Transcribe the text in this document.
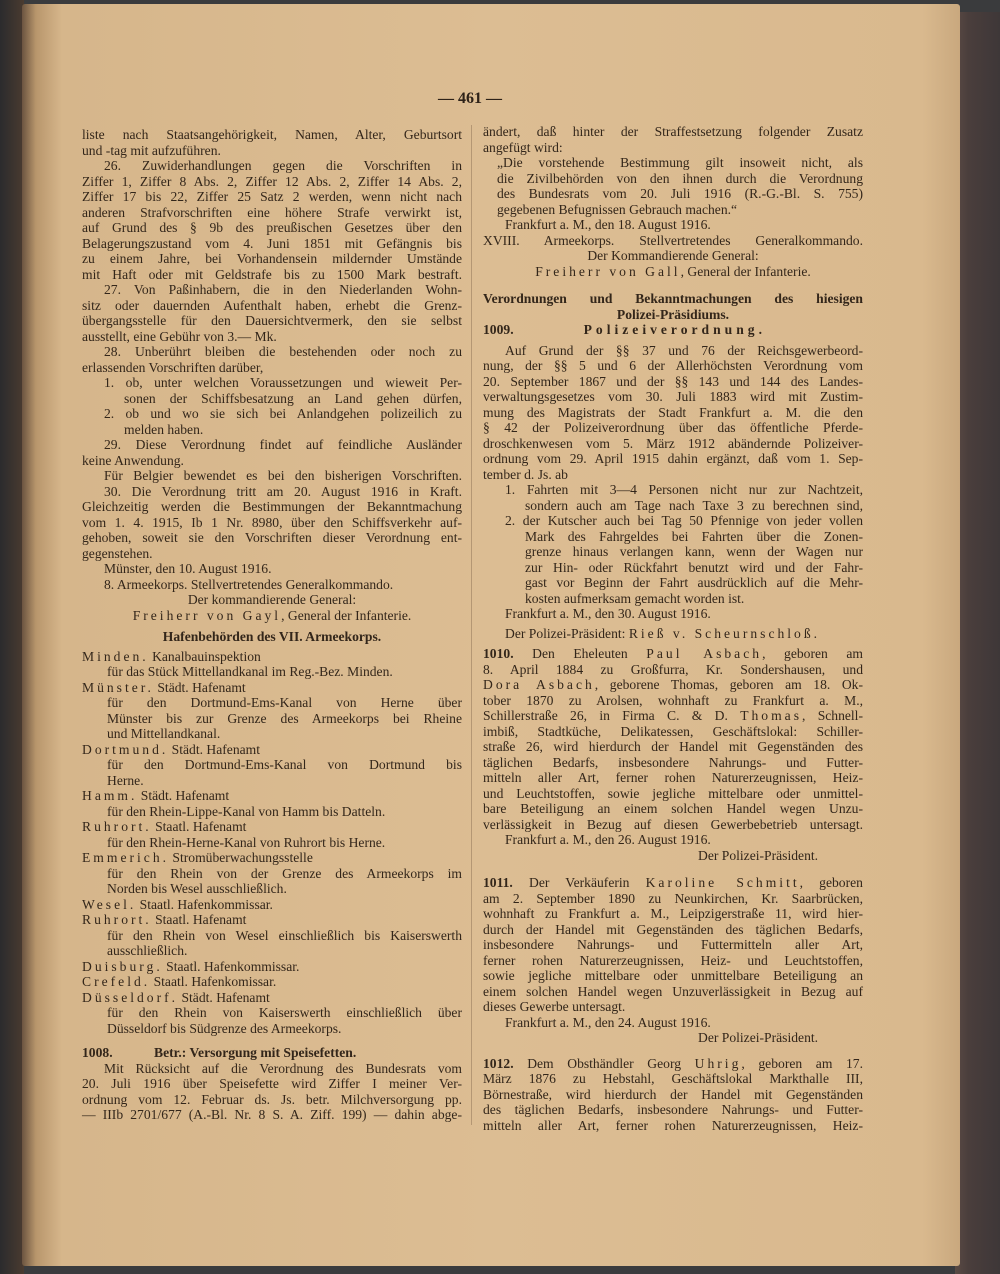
— 461 —
liste nach Staatsangehörigkeit, Namen, Alter, Geburtsort
und -tag mit aufzuführen.
26. Zuwiderhandlungen gegen die Vorschriften in
Ziffer 1, Ziffer 8 Abs. 2, Ziffer 12 Abs. 2, Ziffer 14 Abs. 2,
Ziffer 17 bis 22, Ziffer 25 Satz 2 werden, wenn nicht nach
anderen Strafvorschriften eine höhere Strafe verwirkt ist,
auf Grund des § 9b des preußischen Gesetzes über den
Belagerungszustand vom 4. Juni 1851 mit Gefängnis bis
zu einem Jahre, bei Vorhandensein mildernder Umstände
mit Haft oder mit Geldstrafe bis zu 1500 Mark bestraft.
27. Von Paßinhabern, die in den Niederlanden Wohn-
sitz oder dauernden Aufenthalt haben, erhebt die Grenz-
übergangsstelle für den Dauersichtvermerk, den sie selbst
ausstellt, eine Gebühr von 3.— Mk.
28. Unberührt bleiben die bestehenden oder noch zu
erlassenden Vorschriften darüber,
1. ob, unter welchen Voraussetzungen und wieweit Per-
sonen der Schiffsbesatzung an Land gehen dürfen,
2. ob und wo sie sich bei Anlandgehen polizeilich zu
melden haben.
29. Diese Verordnung findet auf feindliche Ausländer
keine Anwendung.
Für Belgier bewendet es bei den bisherigen Vorschriften.
30. Die Verordnung tritt am 20. August 1916 in Kraft.
Gleichzeitig werden die Bestimmungen der Bekanntmachung
vom 1. 4. 1915, Ib 1 Nr. 8980, über den Schiffsverkehr auf-
gehoben, soweit sie den Vorschriften dieser Verordnung ent-
gegenstehen.
Münster, den 10. August 1916.
8. Armeekorps. Stellvertretendes Generalkommando.
Der kommandierende General:
Freiherr von Gayl, General der Infanterie.
Hafenbehörden des VII. Armeekorps.
Minden. Kanalbauinspektion
für das Stück Mittellandkanal im Reg.-Bez. Minden.
Münster. Städt. Hafenamt
für den Dortmund-Ems-Kanal von Herne über
Münster bis zur Grenze des Armeekorps bei Rheine
und Mittellandkanal.
Dortmund. Städt. Hafenamt
für den Dortmund-Ems-Kanal von Dortmund bis
Herne.
Hamm. Städt. Hafenamt
für den Rhein-Lippe-Kanal von Hamm bis Datteln.
Ruhrort. Staatl. Hafenamt
für den Rhein-Herne-Kanal von Ruhrort bis Herne.
Emmerich. Stromüberwachungsstelle
für den Rhein von der Grenze des Armeekorps im
Norden bis Wesel ausschließlich.
Wesel. Staatl. Hafenkommissar.
Ruhrort. Staatl. Hafenamt
für den Rhein von Wesel einschließlich bis Kaiserswerth
ausschließlich.
Duisburg. Staatl. Hafenkommissar.
Crefeld. Staatl. Hafenkomissar.
Düsseldorf. Städt. Hafenamt
für den Rhein von Kaiserswerth einschließlich über
Düsseldorf bis Südgrenze des Armeekorps.
1008.	Betr.: Versorgung mit Speisefetten.
Mit Rücksicht auf die Verordnung des Bundesrats vom
20. Juli 1916 über Speisefette wird Ziffer I meiner Ver-
ordnung vom 12. Februar ds. Js. betr. Milchversorgung pp.
— IIIb 2701/677 (A.-Bl. Nr. 8 S. A. Ziff. 199) — dahin abge-
ändert, daß hinter der Straffestsetzung folgender Zusatz
angefügt wird:
„Die vorstehende Bestimmung gilt insoweit nicht, als
die Zivilbehörden von den ihnen durch die Verordnung
des Bundesrats vom 20. Juli 1916 (R.-G.-Bl. S. 755)
gegebenen Befugnissen Gebrauch machen.“
Frankfurt a. M., den 18. August 1916.
XVIII. Armeekorps. Stellvertretendes Generalkommando.
Der Kommandierende General:
Freiherr von Gall, General der Infanterie.
Verordnungen und Bekanntmachungen des hiesigen
Polizei-Präsidiums.
1009.	Polizeiverordnung.
Auf Grund der §§ 37 und 76 der Reichsgewerbeord-
nung, der §§ 5 und 6 der Allerhöchsten Verordnung vom
20. September 1867 und der §§ 143 und 144 des Landes-
verwaltungsgesetzes vom 30. Juli 1883 wird mit Zustim-
mung des Magistrats der Stadt Frankfurt a. M. die den
§ 42 der Polizeiverordnung über das öffentliche Pferde-
droschkenwesen vom 5. März 1912 abändernde Polizeiver-
ordnung vom 29. April 1915 dahin ergänzt, daß vom 1. Sep-
tember d. Js. ab
1. Fahrten mit 3—4 Personen nicht nur zur Nachtzeit,
sondern auch am Tage nach Taxe 3 zu berechnen sind,
2. der Kutscher auch bei Tag 50 Pfennige von jeder vollen
Mark des Fahrgeldes bei Fahrten über die Zonen-
grenze hinaus verlangen kann, wenn der Wagen nur
zur Hin- oder Rückfahrt benutzt wird und der Fahr-
gast vor Beginn der Fahrt ausdrücklich auf die Mehr-
kosten aufmerksam gemacht worden ist.
Frankfurt a. M., den 30. August 1916.
Der Polizei-Präsident: Rieß v. Scheurnschloß.
1010. Den Eheleuten Paul Asbach, geboren am
8. April 1884 zu Großfurra, Kr. Sondershausen, und
Dora Asbach, geborene Thomas, geboren am 18. Ok-
tober 1870 zu Arolsen, wohnhaft zu Frankfurt a. M.,
Schillerstraße 26, in Firma C. & D. Thomas, Schnell-
imbiß, Stadtküche, Delikatessen, Geschäftslokal: Schiller-
straße 26, wird hierdurch der Handel mit Gegenständen des
täglichen Bedarfs, insbesondere Nahrungs- und Futter-
mitteln aller Art, ferner rohen Naturerzeugnissen, Heiz-
und Leuchtstoffen, sowie jegliche mittelbare oder unmittel-
bare Beteiligung an einem solchen Handel wegen Unzu-
verlässigkeit in Bezug auf diesen Gewerbebetrieb untersagt.
Frankfurt a. M., den 26. August 1916.
Der Polizei-Präsident.
1011. Der Verkäuferin Karoline Schmitt, geboren
am 2. September 1890 zu Neunkirchen, Kr. Saarbrücken,
wohnhaft zu Frankfurt a. M., Leipzigerstraße 11, wird hier-
durch der Handel mit Gegenständen des täglichen Bedarfs,
insbesondere Nahrungs- und Futtermitteln aller Art,
ferner rohen Naturerzeugnissen, Heiz- und Leuchtstoffen,
sowie jegliche mittelbare oder unmittelbare Beteiligung an
einem solchen Handel wegen Unzuverlässigkeit in Bezug auf
dieses Gewerbe untersagt.
Frankfurt a. M., den 24. August 1916.
Der Polizei-Präsident.
1012. Dem Obsthändler Georg Uhrig, geboren am 17.
März 1876 zu Hebstahl, Geschäftslokal Markthalle III,
Börnestraße, wird hierdurch der Handel mit Gegenständen
des täglichen Bedarfs, insbesondere Nahrungs- und Futter-
mitteln aller Art, ferner rohen Naturerzeugnissen, Heiz-
